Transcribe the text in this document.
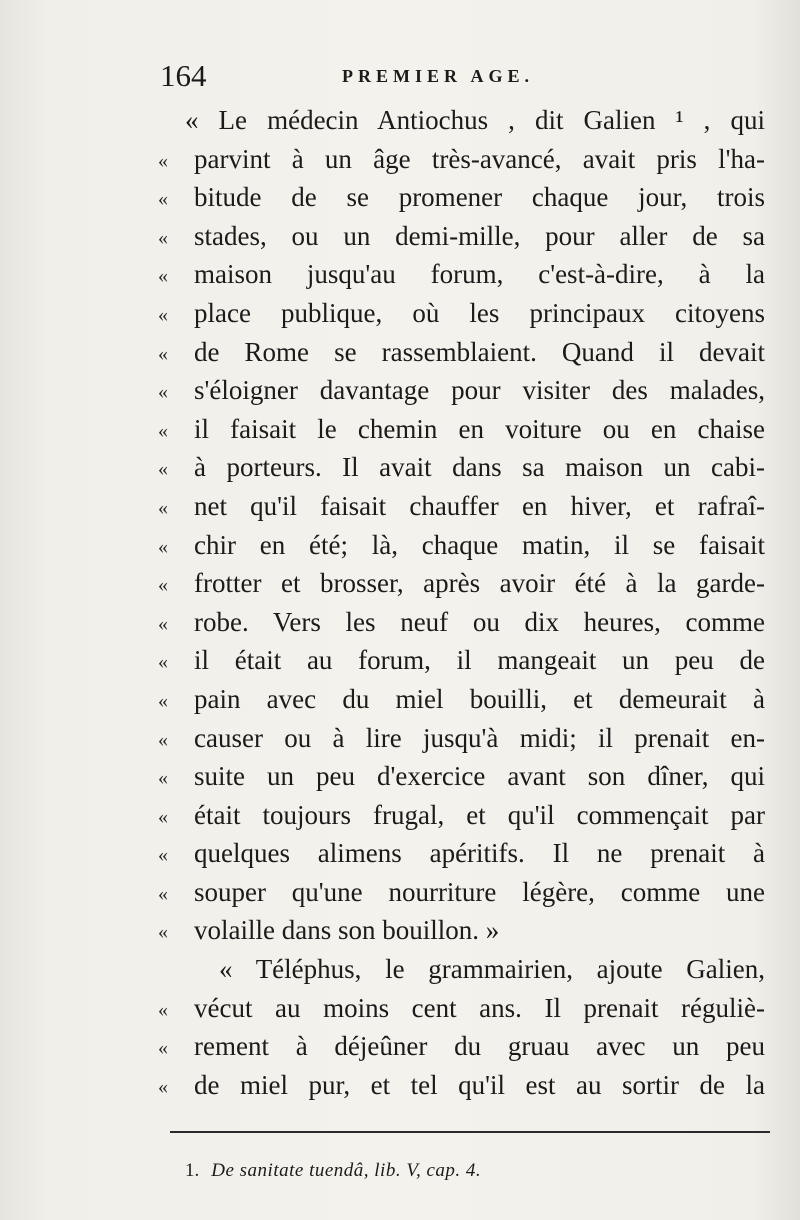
164	PREMIER AGE.
« Le médecin Antiochus , dit Galien ¹ , qui
« parvint à un âge très-avancé, avait pris l'ha-
« bitude de se promener chaque jour, trois
« stades, ou un demi-mille, pour aller de sa
« maison jusqu'au forum, c'est-à-dire, à la
« place publique, où les principaux citoyens
« de Rome se rassemblaient. Quand il devait
« s'éloigner davantage pour visiter des malades,
« il faisait le chemin en voiture ou en chaise
« à porteurs. Il avait dans sa maison un cabi-
« net qu'il faisait chauffer en hiver, et rafraî-
« chir en été; là, chaque matin, il se faisait
« frotter et brosser, après avoir été à la garde-
« robe. Vers les neuf ou dix heures, comme
« il était au forum, il mangeait un peu de
« pain avec du miel bouilli, et demeurait à
« causer ou à lire jusqu'à midi; il prenait en-
« suite un peu d'exercice avant son dîner, qui
« était toujours frugal, et qu'il commençait par
« quelques alimens apéritifs. Il ne prenait à
« souper qu'une nourriture légère, comme une
« volaille dans son bouillon. »
« Téléphus, le grammairien, ajoute Galien,
« vécut au moins cent ans. Il prenait réguliè-
« rement à déjeûner du gruau avec un peu
« de miel pur, et tel qu'il est au sortir de la
1. De sanitate tuendâ, lib. V, cap. 4.
